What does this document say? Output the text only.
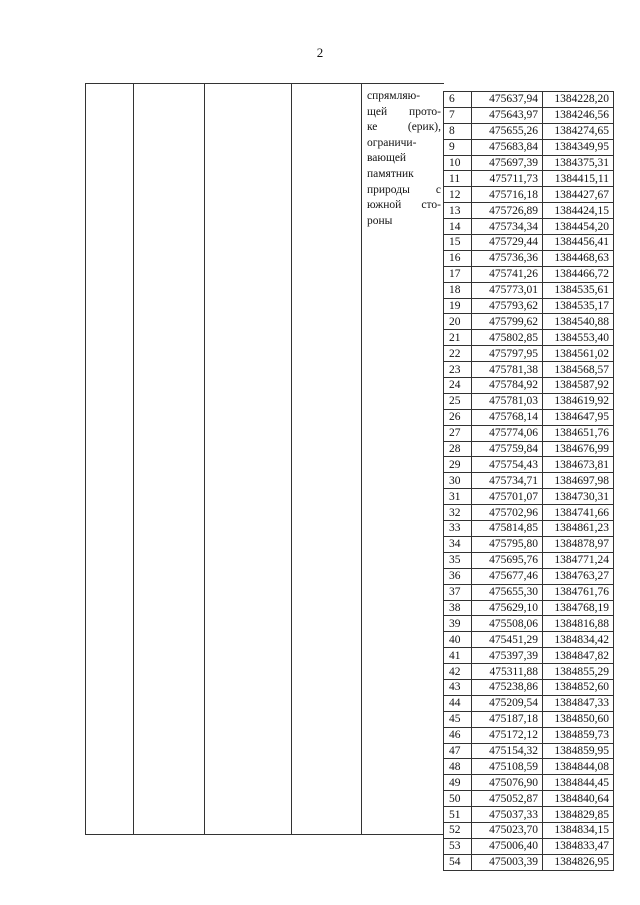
2
спрямляю-
щей прото-
ке (ерик),
ограничи-
вающей
памятник
природы с
южной сто-
роны
6	475637,94	1384228,20
7	475643,97	1384246,56
8	475655,26	1384274,65
9	475683,84	1384349,95
10	475697,39	1384375,31
11	475711,73	1384415,11
12	475716,18	1384427,67
13	475726,89	1384424,15
14	475734,34	1384454,20
15	475729,44	1384456,41
16	475736,36	1384468,63
17	475741,26	1384466,72
18	475773,01	1384535,61
19	475793,62	1384535,17
20	475799,62	1384540,88
21	475802,85	1384553,40
22	475797,95	1384561,02
23	475781,38	1384568,57
24	475784,92	1384587,92
25	475781,03	1384619,92
26	475768,14	1384647,95
27	475774,06	1384651,76
28	475759,84	1384676,99
29	475754,43	1384673,81
30	475734,71	1384697,98
31	475701,07	1384730,31
32	475702,96	1384741,66
33	475814,85	1384861,23
34	475795,80	1384878,97
35	475695,76	1384771,24
36	475677,46	1384763,27
37	475655,30	1384761,76
38	475629,10	1384768,19
39	475508,06	1384816,88
40	475451,29	1384834,42
41	475397,39	1384847,82
42	475311,88	1384855,29
43	475238,86	1384852,60
44	475209,54	1384847,33
45	475187,18	1384850,60
46	475172,12	1384859,73
47	475154,32	1384859,95
48	475108,59	1384844,08
49	475076,90	1384844,45
50	475052,87	1384840,64
51	475037,33	1384829,85
52	475023,70	1384834,15
53	475006,40	1384833,47
54	475003,39	1384826,95
